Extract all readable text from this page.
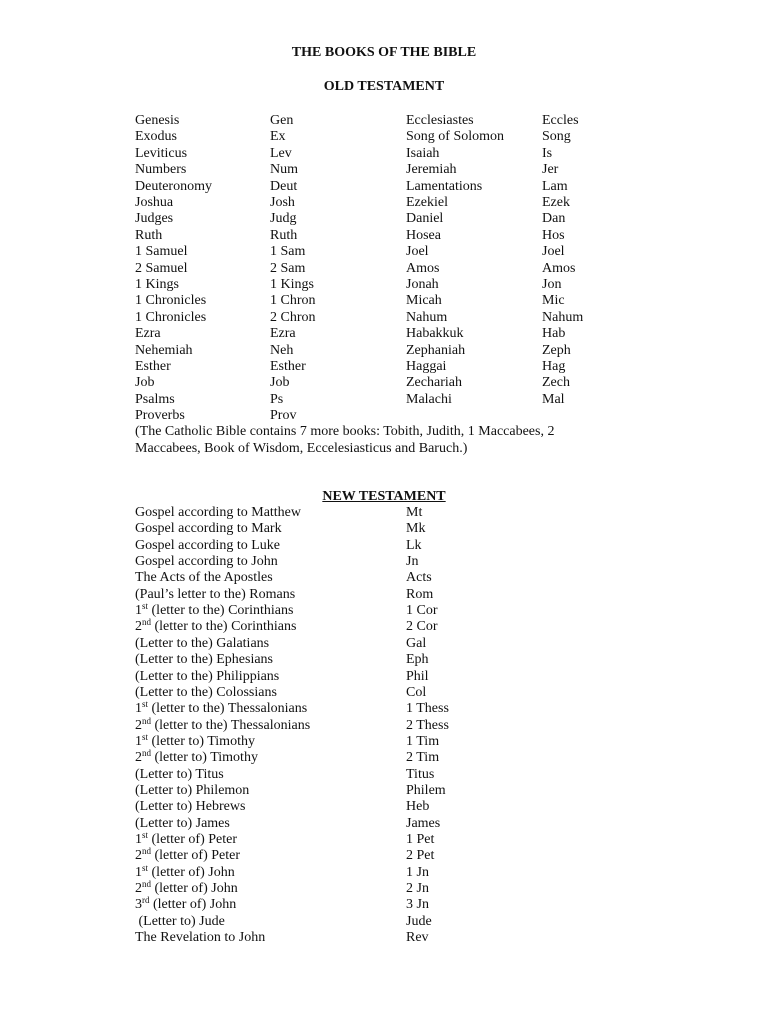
THE BOOKS OF THE BIBLE
OLD TESTAMENT
Genesis	Gen	Ecclesiastes	Eccles
Exodus	Ex	Song of Solomon	Song
Leviticus	Lev	Isaiah	Is
Numbers	Num	Jeremiah	Jer
Deuteronomy	Deut	Lamentations	Lam
Joshua	Josh	Ezekiel	Ezek
Judges	Judg	Daniel	Dan
Ruth	Ruth	Hosea	Hos
1 Samuel	1 Sam	Joel	Joel
2 Samuel	2 Sam	Amos	Amos
1 Kings	1 Kings	Jonah	Jon
1 Chronicles	1 Chron	Micah	Mic
1 Chronicles	2 Chron	Nahum	Nahum
Ezra	Ezra	Habakkuk	Hab
Nehemiah	Neh	Zephaniah	Zeph
Esther	Esther	Haggai	Hag
Job	Job	Zechariah	Zech
Psalms	Ps	Malachi	Mal
Proverbs	Prov
(The Catholic Bible contains 7 more books: Tobith, Judith, 1 Maccabees, 2 Maccabees, Book of Wisdom, Eccelesiasticus and Baruch.)
NEW TESTAMENT
Gospel according to Matthew	Mt
Gospel according to Mark	Mk
Gospel according to Luke	Lk
Gospel according to John	Jn
The Acts of the Apostles	Acts
(Paul’s letter to the) Romans	Rom
1st (letter to the) Corinthians	1 Cor
2nd (letter to the) Corinthians	2 Cor
(Letter to the) Galatians	Gal
(Letter to the) Ephesians	Eph
(Letter to the) Philippians	Phil
(Letter to the) Colossians	Col
1st (letter to the) Thessalonians	1 Thess
2nd (letter to the) Thessalonians	2 Thess
1st (letter to) Timothy	1 Tim
2nd (letter to) Timothy	2 Tim
(Letter to) Titus	Titus
(Letter to) Philemon	Philem
(Letter to) Hebrews	Heb
(Letter to) James	James
1st (letter of) Peter	1 Pet
2nd (letter of) Peter	2 Pet
1st (letter of) John	1 Jn
2nd (letter of) John	2 Jn
3rd (letter of) John	3 Jn
(Letter to) Jude	Jude
The Revelation to John	Rev
